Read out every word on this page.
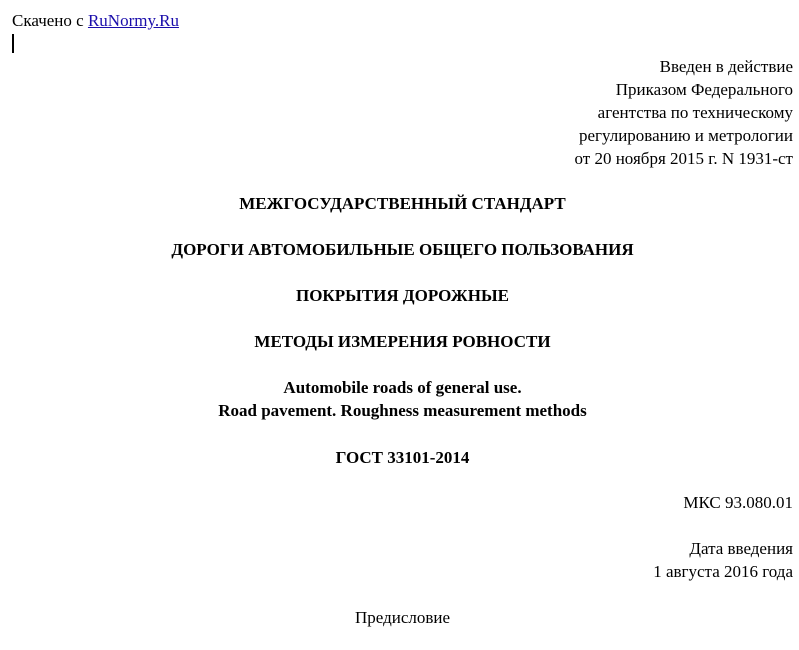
Скачено с RuNormy.Ru
Введен в действие
Приказом Федерального
агентства по техническому
регулированию и метрологии
от 20 ноября 2015 г. N 1931-ст
МЕЖГОСУДАРСТВЕННЫЙ СТАНДАРТ
ДОРОГИ АВТОМОБИЛЬНЫЕ ОБЩЕГО ПОЛЬЗОВАНИЯ
ПОКРЫТИЯ ДОРОЖНЫЕ
МЕТОДЫ ИЗМЕРЕНИЯ РОВНОСТИ
Automobile roads of general use.
Road pavement. Roughness measurement methods
ГОСТ 33101-2014
МКС 93.080.01
Дата введения
1 августа 2016 года
Предисловие
